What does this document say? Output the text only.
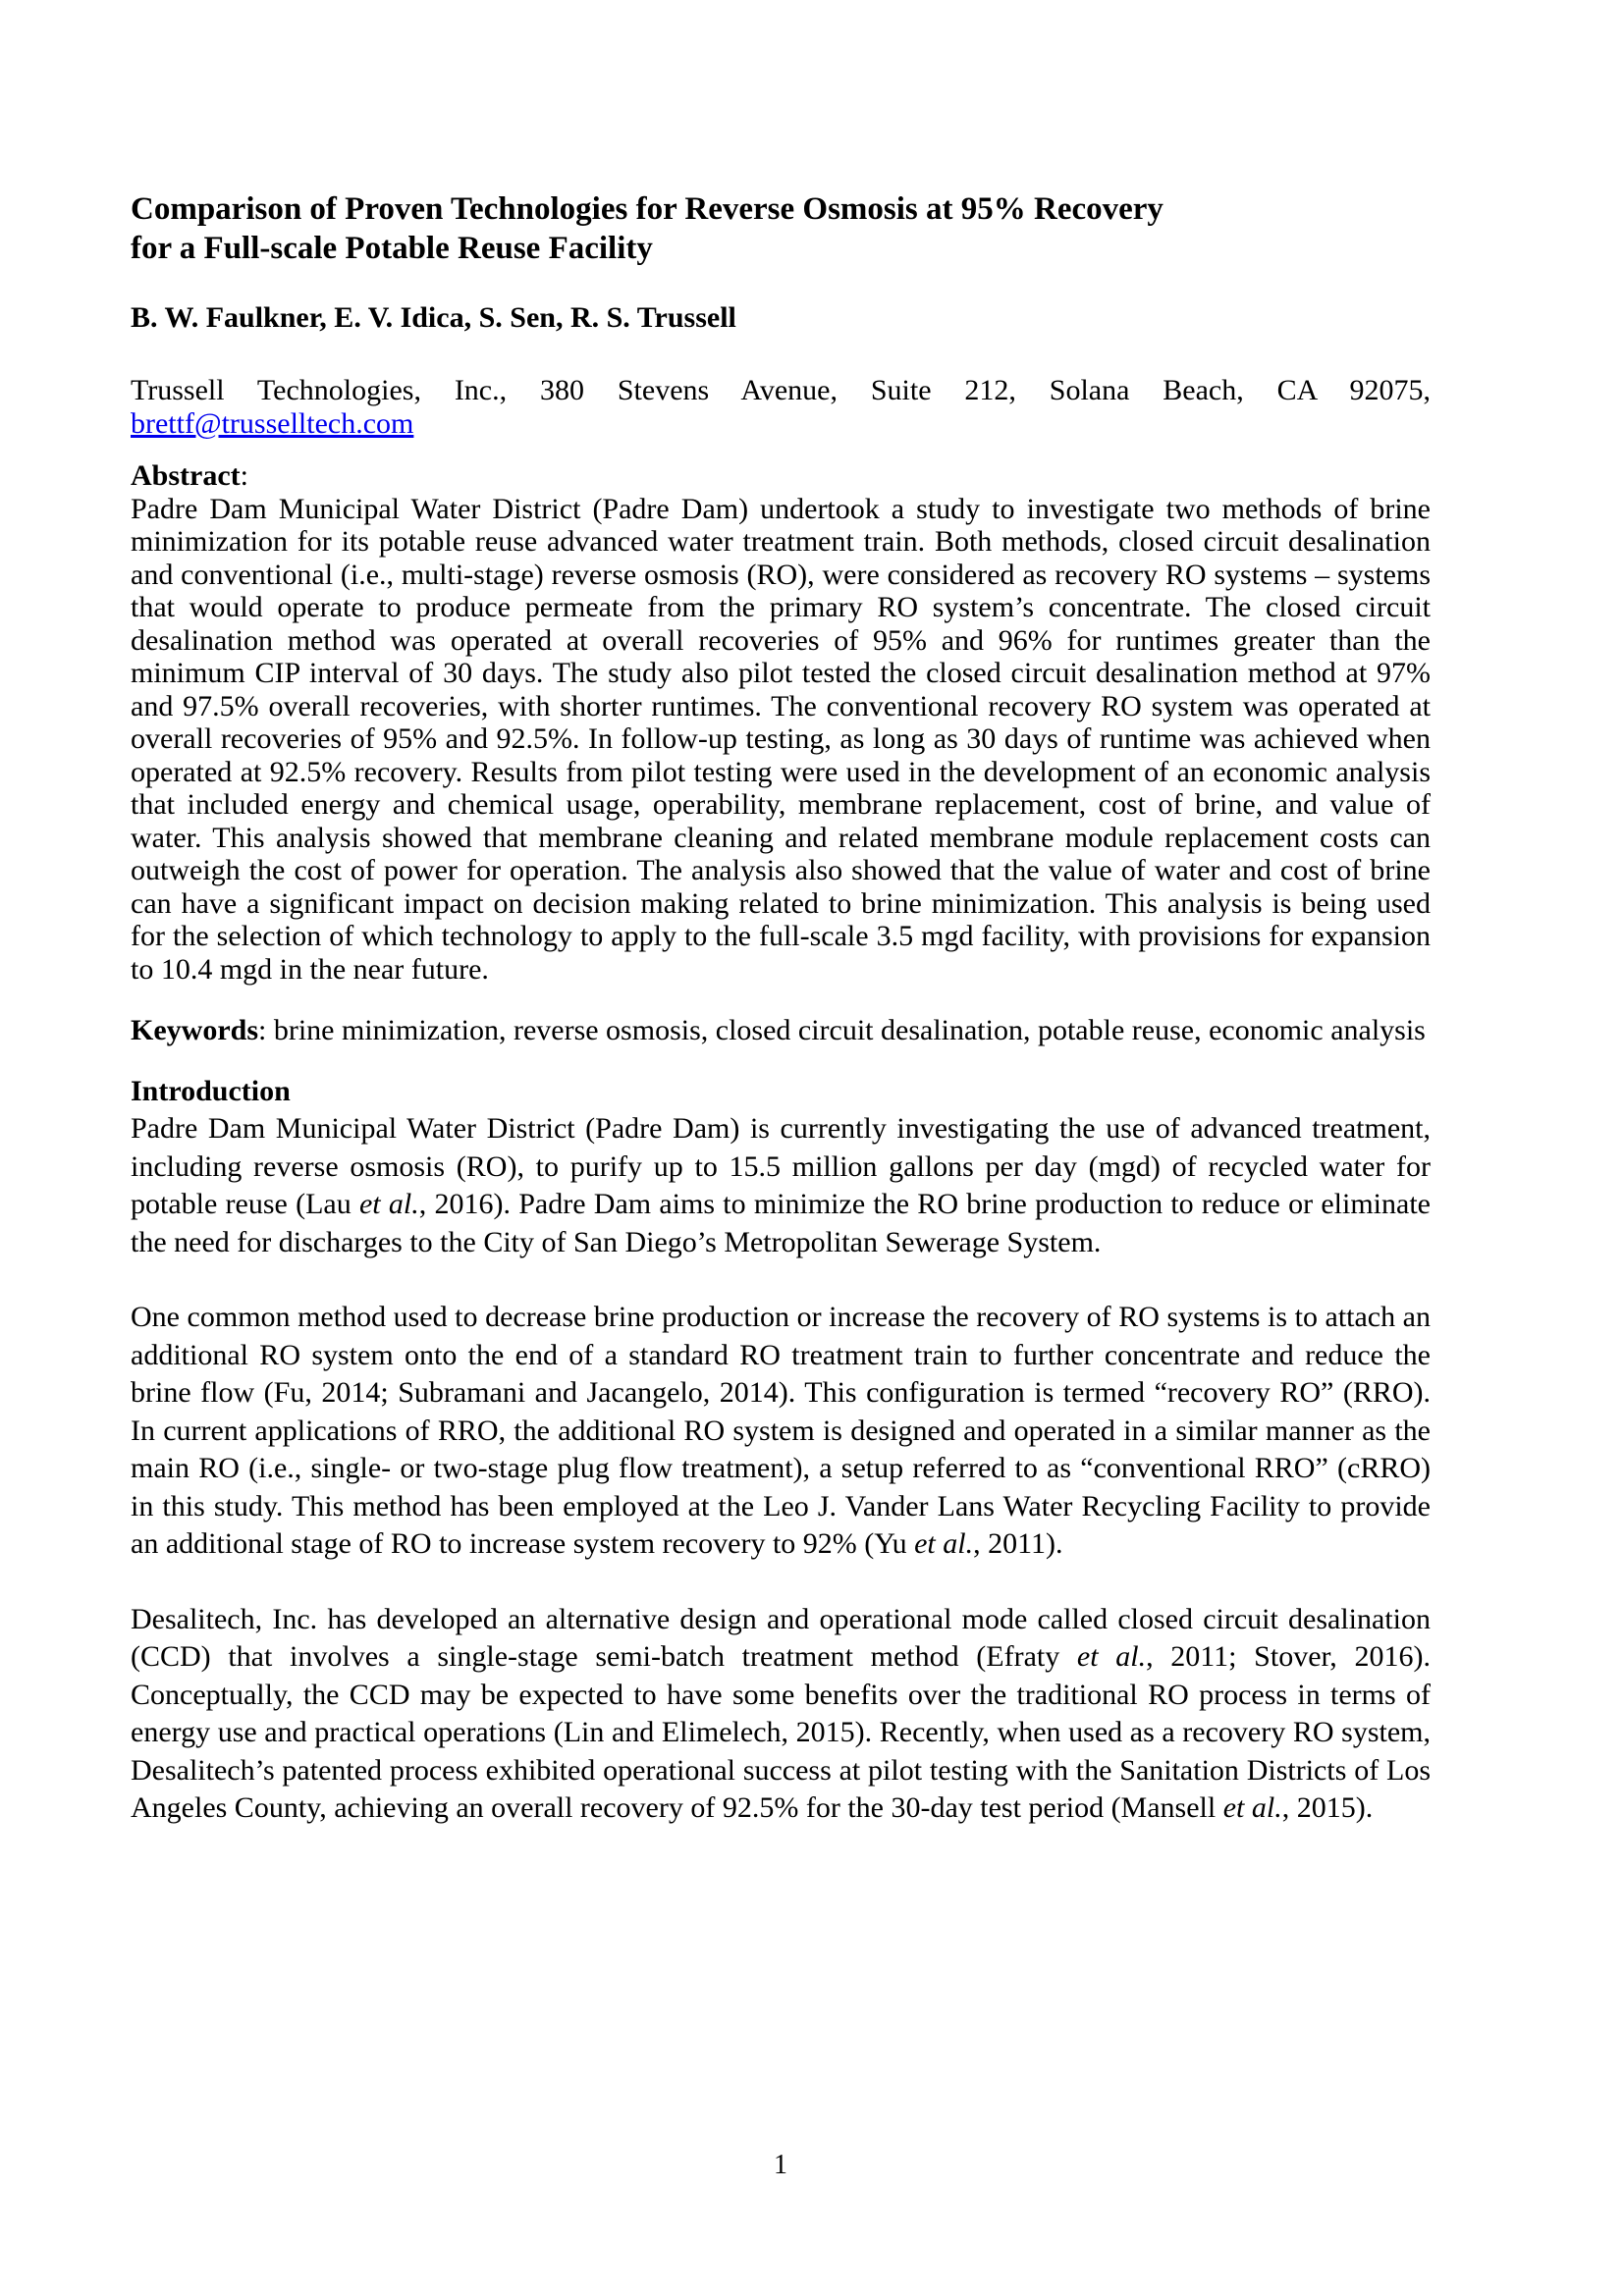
Comparison of Proven Technologies for Reverse Osmosis at 95% Recovery
for a Full-scale Potable Reuse Facility
B. W. Faulkner, E. V. Idica, S. Sen, R. S. Trussell
Trussell Technologies, Inc., 380 Stevens Avenue, Suite 212, Solana Beach, CA 92075, brettf@trusselltech.com
Abstract:
Padre Dam Municipal Water District (Padre Dam) undertook a study to investigate two methods of brine minimization for its potable reuse advanced water treatment train. Both methods, closed circuit desalination and conventional (i.e., multi-stage) reverse osmosis (RO), were considered as recovery RO systems – systems that would operate to produce permeate from the primary RO system’s concentrate. The closed circuit desalination method was operated at overall recoveries of 95% and 96% for runtimes greater than the minimum CIP interval of 30 days. The study also pilot tested the closed circuit desalination method at 97% and 97.5% overall recoveries, with shorter runtimes. The conventional recovery RO system was operated at overall recoveries of 95% and 92.5%. In follow-up testing, as long as 30 days of runtime was achieved when operated at 92.5% recovery. Results from pilot testing were used in the development of an economic analysis that included energy and chemical usage, operability, membrane replacement, cost of brine, and value of water. This analysis showed that membrane cleaning and related membrane module replacement costs can outweigh the cost of power for operation. The analysis also showed that the value of water and cost of brine can have a significant impact on decision making related to brine minimization. This analysis is being used for the selection of which technology to apply to the full-scale 3.5 mgd facility, with provisions for expansion to 10.4 mgd in the near future.
Keywords: brine minimization, reverse osmosis, closed circuit desalination, potable reuse, economic analysis
Introduction
Padre Dam Municipal Water District (Padre Dam) is currently investigating the use of advanced treatment, including reverse osmosis (RO), to purify up to 15.5 million gallons per day (mgd) of recycled water for potable reuse (Lau et al., 2016). Padre Dam aims to minimize the RO brine production to reduce or eliminate the need for discharges to the City of San Diego’s Metropolitan Sewerage System.
One common method used to decrease brine production or increase the recovery of RO systems is to attach an additional RO system onto the end of a standard RO treatment train to further concentrate and reduce the brine flow (Fu, 2014; Subramani and Jacangelo, 2014). This configuration is termed “recovery RO” (RRO). In current applications of RRO, the additional RO system is designed and operated in a similar manner as the main RO (i.e., single- or two-stage plug flow treatment), a setup referred to as “conventional RRO” (cRRO) in this study. This method has been employed at the Leo J. Vander Lans Water Recycling Facility to provide an additional stage of RO to increase system recovery to 92% (Yu et al., 2011).
Desalitech, Inc. has developed an alternative design and operational mode called closed circuit desalination (CCD) that involves a single-stage semi-batch treatment method (Efraty et al., 2011; Stover, 2016). Conceptually, the CCD may be expected to have some benefits over the traditional RO process in terms of energy use and practical operations (Lin and Elimelech, 2015). Recently, when used as a recovery RO system, Desalitech’s patented process exhibited operational success at pilot testing with the Sanitation Districts of Los Angeles County, achieving an overall recovery of 92.5% for the 30-day test period (Mansell et al., 2015).
1
